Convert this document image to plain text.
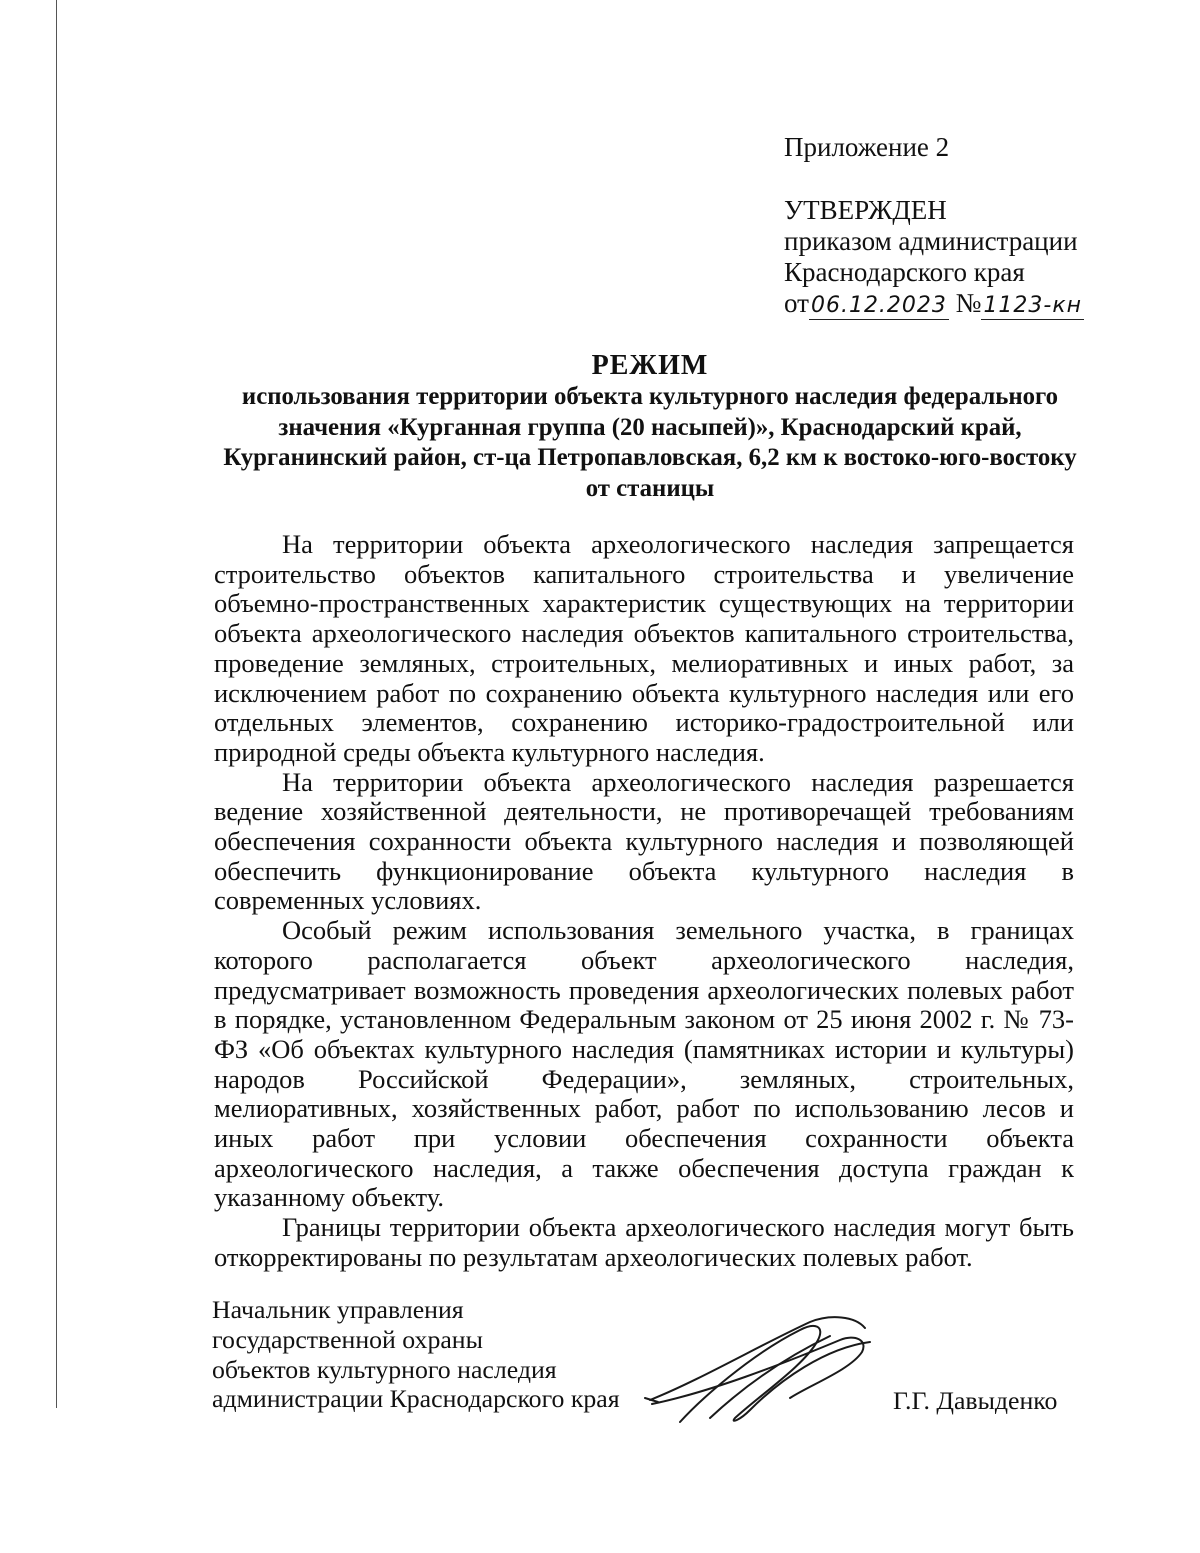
Приложение 2
УТВЕРЖДЕН
приказом администрации
Краснодарского края
от06.12.2023 №1123-кн
РЕЖИМ
использования территории объекта культурного наследия федерального значения «Курганная группа (20 насыпей)», Краснодарский край, Курганинский район, ст-ца Петропавловская, 6,2 км к востоко-юго-востоку от станицы

На территории объекта археологического наследия запрещается строительство объектов капитального строительства и увеличение объемно-пространственных характеристик существующих на территории объекта археологического наследия объектов капитального строительства, проведение земляных, строительных, мелиоративных и иных работ, за исключением работ по сохранению объекта культурного наследия или его отдельных элементов, сохранению историко-градостроительной или природной среды объекта культурного наследия.

На территории объекта археологического наследия разрешается ведение хозяйственной деятельности, не противоречащей требованиям обеспечения сохранности объекта культурного наследия и позволяющей обеспечить функционирование объекта культурного наследия в современных условиях.

Особый режим использования земельного участка, в границах которого располагается объект археологического наследия, предусматривает возможность проведения археологических полевых работ в порядке, установленном Федеральным законом от 25 июня 2002 г. № 73-ФЗ «Об объектах культурного наследия (памятниках истории и культуры) народов Российской Федерации», земляных, строительных, мелиоративных, хозяйственных работ, работ по использованию лесов и иных работ при условии обеспечения сохранности объекта археологического наследия, а также обеспечения доступа граждан к указанному объекту.

Границы территории объекта археологического наследия могут быть откорректированы по результатам археологических полевых работ.

Начальник управления
государственной охраны
объектов культурного наследия
администрации Краснодарского края	Г.Г. Давыденко
